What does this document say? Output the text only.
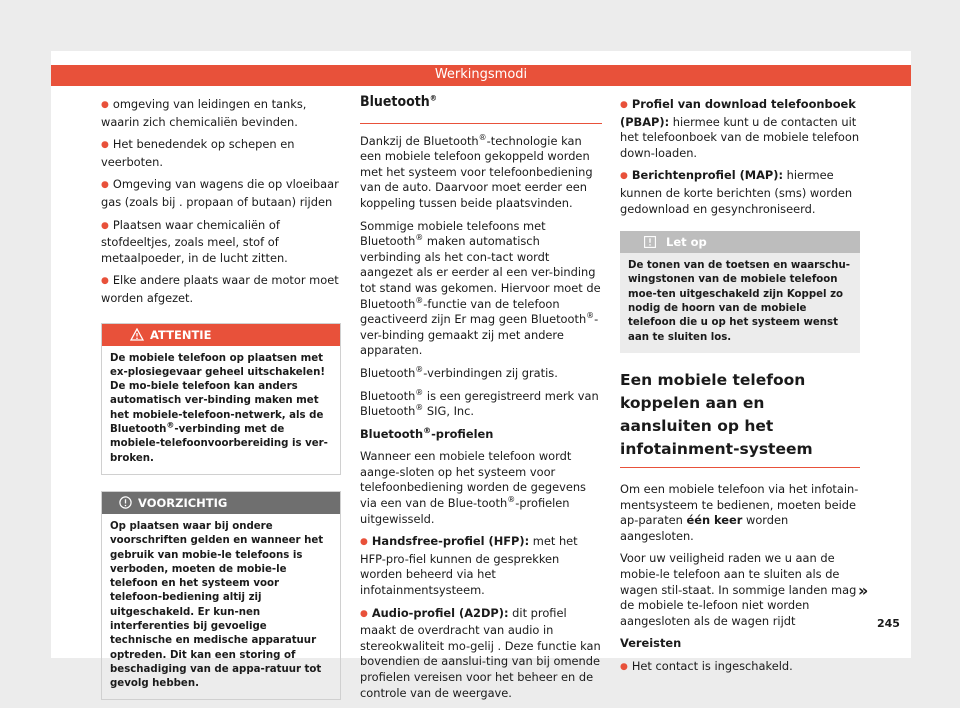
Werkingsmodi

● omgeving van leidingen en tanks, waarin zich chemicaliën bevinden.

● Het benedendek op schepen en veerboten.

● Omgeving van wagens die op vloeibaar gas (zoals bij . propaan of butaan) rijden

● Plaatsen waar chemicaliën of stofdeeltjes, zoals meel, stof of metaalpoeder, in de lucht zitten.

● Elke andere plaats waar de motor moet worden afgezet.

ATTENTIE
De mobiele telefoon op plaatsen met ex-plosiegevaar geheel uitschakelen! De mo-biele telefoon kan anders automatisch ver-binding maken met het mobiele-telefoon-netwerk, als de Bluetooth®-verbinding met de mobiele-telefoonvoorbereiding is ver-broken.
VOORZICHTIG
Op plaatsen waar bij ondere voorschriften gelden en wanneer het gebruik van mobie-le telefoons is verboden, moeten de mobie-le telefoon en het systeem voor telefoon-bediening altij zij uitgeschakeld. Er kun-nen interferenties bij gevoelige technische en medische apparatuur optreden. Dit kan een storing of beschadiging van de appa-ratuur tot gevolg hebben.
Bluetooth®

Dankzij de Bluetooth®-technologie kan een mobiele telefoon gekoppeld worden met het systeem voor telefoonbediening van de auto. Daarvoor moet eerder een koppeling tussen beide plaatsvinden.

Sommige mobiele telefoons met Bluetooth® maken automatisch verbinding als het con-tact wordt aangezet als er eerder al een ver-binding tot stand was gekomen. Hiervoor moet de Bluetooth®-functie van de telefoon geactiveerd zijn Er mag geen Bluetooth®-ver-binding gemaakt zij met andere apparaten.

Bluetooth®-verbindingen zij gratis.

Bluetooth® is een geregistreerd merk van Bluetooth® SIG, Inc.

Bluetooth®-profielen

Wanneer een mobiele telefoon wordt aange-sloten op het systeem voor telefoonbediening worden de gegevens via een van de Blue-tooth®-profielen uitgewisseld.

● Handsfree-profiel (HFP): met het HFP-pro-fiel kunnen de gesprekken worden beheerd via het infotainmentsysteem.

● Audio-profiel (A2DP): dit profiel maakt de overdracht van audio in stereokwaliteit mo-gelij . Deze functie kan bovendien de aanslui-ting van bij omende profielen vereisen voor het beheer en de controle van de weergave.

● Profiel van download telefoonboek (PBAP): hiermee kunt u de contacten uit het telefoonboek van de mobiele telefoon down-loaden.

● Berichtenprofiel (MAP): hiermee kunnen de korte berichten (sms) worden gedownload en gesynchroniseerd.

Let op
De tonen van de toetsen en waarschu-wingstonen van de mobiele telefoon moe-ten uitgeschakeld zijn Koppel zo nodig de hoorn van de mobiele telefoon die u op het systeem wenst aan te sluiten los.
Een mobiele telefoon koppelen aan en aansluiten op het infotainment-systeem

Om een mobiele telefoon via het infotain-mentsysteem te bedienen, moeten beide ap-paraten één keer worden aangesloten.

Voor uw veiligheid raden we u aan de mobie-le telefoon aan te sluiten als de wagen stil-staat. In sommige landen mag de mobiele te-lefoon niet worden aangesloten als de wagen rijdt

Vereisten

● Het contact is ingeschakeld.

»
245
